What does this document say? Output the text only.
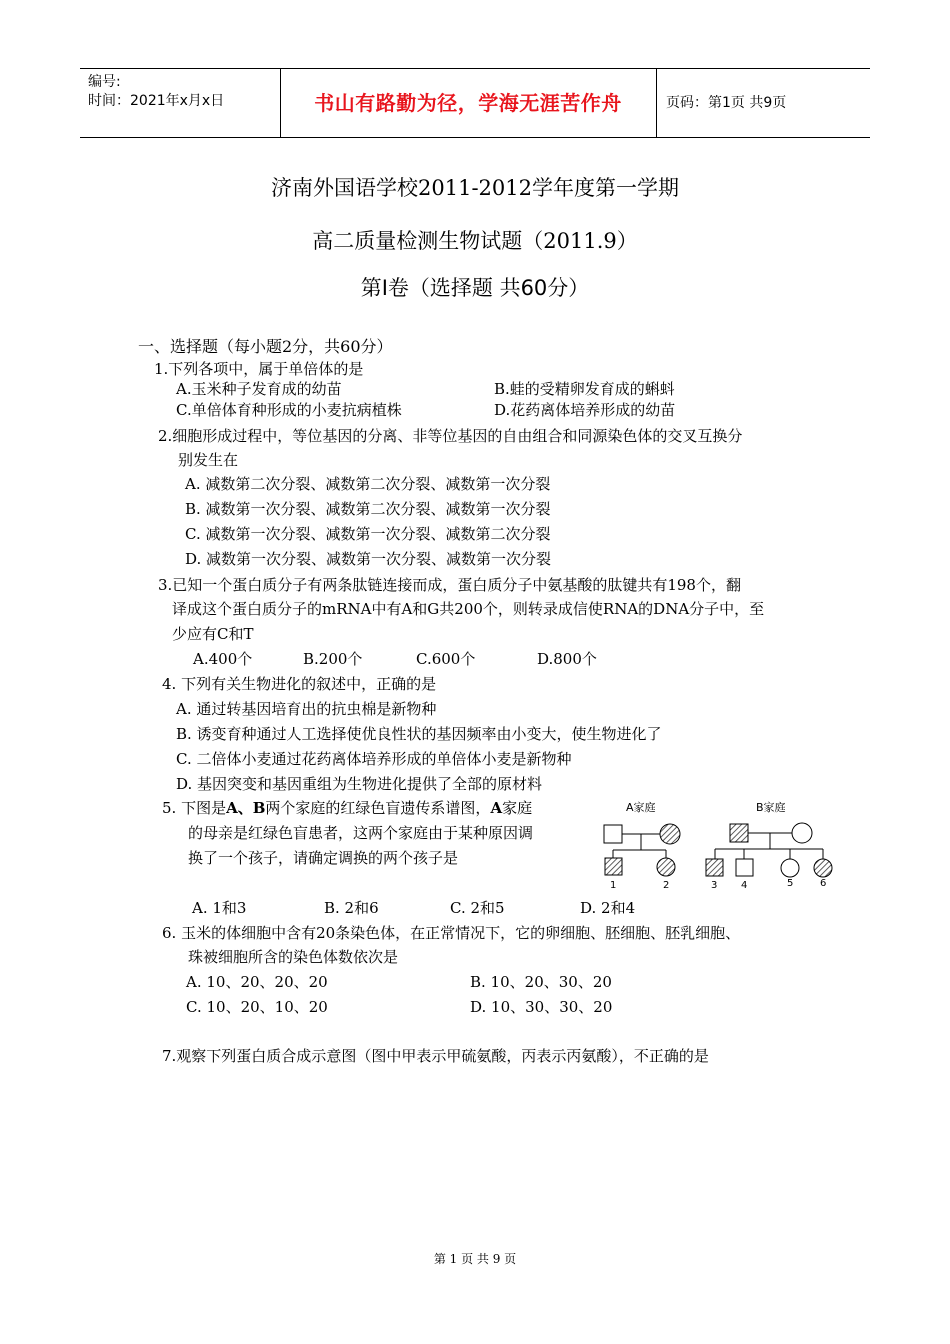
编号:
时间：2021年x月x日	书山有路勤为径，学海无涯苦作舟	页码：第1页 共9页
济南外国语学校2011-2012学年度第一学期
高二质量检测生物试题（2011.9）
第Ⅰ卷（选择题 共60分）
一、选择题（每小题2分，共60分）
1.下列各项中，属于单倍体的是
A.玉米种子发育成的幼苗	B.蛙的受精卵发育成的蝌蚪
C.单倍体育种形成的小麦抗病植株	D.花药离体培养形成的幼苗
2.细胞形成过程中，等位基因的分离、非等位基因的自由组合和同源染色体的交叉互换分
别发生在
A. 减数第二次分裂、减数第二次分裂、减数第一次分裂
B. 减数第一次分裂、减数第二次分裂、减数第一次分裂
C. 减数第一次分裂、减数第一次分裂、减数第二次分裂
D. 减数第一次分裂、减数第一次分裂、减数第一次分裂
3.已知一个蛋白质分子有两条肽链连接而成，蛋白质分子中氨基酸的肽键共有198个，翻
译成这个蛋白质分子的mRNA中有A和G共200个，则转录成信使RNA的DNA分子中，至
少应有C和T
A.400个	B.200个	C.600个	D.800个
4. 下列有关生物进化的叙述中，正确的是
A. 通过转基因培育出的抗虫棉是新物种
B. 诱变育种通过人工选择使优良性状的基因频率由小变大，使生物进化了
C. 二倍体小麦通过花药离体培养形成的单倍体小麦是新物种
D. 基因突变和基因重组为生物进化提供了全部的原材料
5. 下图是A、B两个家庭的红绿色盲遗传系谱图，A家庭
的母亲是红绿色盲患者，这两个家庭由于某种原因调
换了一个孩子，请确定调换的两个孩子是
A. 1和3	B. 2和6	C. 2和5	D. 2和4
A家庭	B家庭
1	2	3 4	5	6
6. 玉米的体细胞中含有20条染色体，在正常情况下，它的卵细胞、胚细胞、胚乳细胞、
珠被细胞所含的染色体数依次是
A. 10、20、20、20	B. 10、20、30、20
C. 10、20、10、20	D. 10、30、30、20
7.观察下列蛋白质合成示意图（图中甲表示甲硫氨酸，丙表示丙氨酸），不正确的是
第 1 页 共 9 页
